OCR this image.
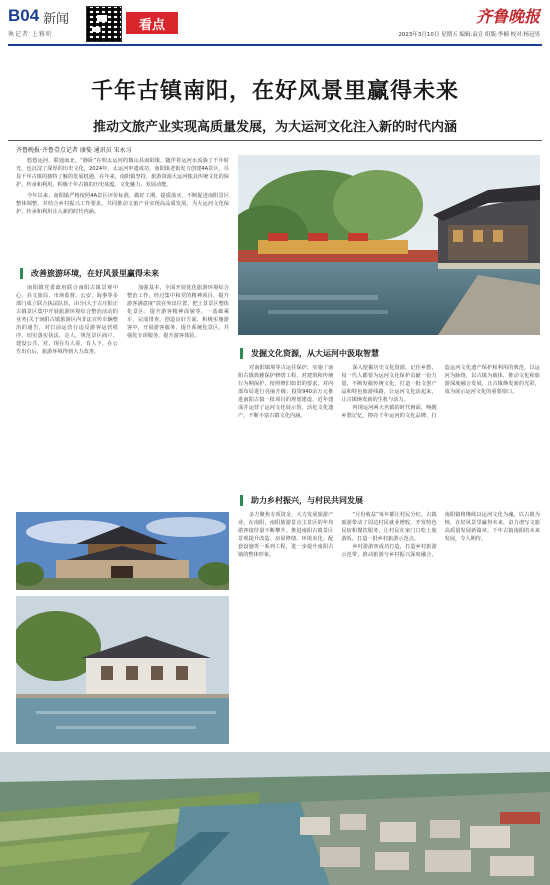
B04 新闻
執记者 上雅昕
看点	齐鲁晚报
2023年3月10日 星期五 编辑:袁宣 组版:李楠 校对:杨冠男
千年古镇南阳，在好风景里赢得未来
推动文旅产业实现高质量发展，为大运河文化注入新的时代内涵
齐鲁晚报·齐鲁壹点记者 康姕 通讯员 宋永习

悠悠运河，联通南北。“静卧”在明太运河的微山县南阳镇，随伴着运河水流淌了千年时光，也沉淀了深厚的历史文化，2024年，太运河申遗成功，南阳镇老街发力创建4A景区，尽显千年古镇的独特了解的发展机遇，在年来，南阳镇坚持，旅游资源大运河独具传统文化的保护、传承和利用，积极千年古镇的历史底蕴，文化魅力、发展动能。

今年以来，南阳镇严格按照4A景区评价标准，做好工期、提质落实，不断促进南阳景区整体调整，并结合乡村振兴工作要求，共同推动文旅产业实现高品质发展，为大运河文化保护、传承和利用注入新的时代内涵。

改善旅游环境，在好风景里赢得未来

南阳镇党委政府联合南阳古镇景观中心，县文旅局、市场监督、公安、海事等多部门成立联合执法队伍，由分(大于古庄阳正古镇景区集中开展旅游环境综合整治活动的业务)关于南阳古镇旅游区内非法宣传车辆整治的通告，对日前运营行违反游客运营秩序，切实落实执法，走人，规范景区商户、建设公共、对，现在有人哥，有人下，在公告出台后，旅游环境得到大力改善。

加强基本，全面开展优化旅游环境综合整治工作，经过集中和党的精神项目，提升游客满意度“放在突出位置，把上景景区整体化景区，提升游客精神面貌等，一基础乘车，完成排查，创造良好方面，积极实施游客中，开展游客服务，提升系统化景区，并强化专项服务，提升游客体验。

发掘文化资源，从大运河中汲取智慧

对南阳镇境等古运往保护，实施了南阳古镇典雅保护修缮工程，对建筑和传统行为期保护，按照修旧如旧的要求，对内部布局进行亮丽升级；投资940余万元推进南阳古镇一批项目的规划建设，近年建成并运营了运河文化展示馆，活化文化遗产，不断丰富古镇文化内涵。

深入挖掘历史文化资源，记住乡愁，每一代人都要为运河文化保护贡献一份力量，不断发掘传统文化，打造一批文创产品和特色旅游线路，让运河文化活起来，让古镇焕发新的生机与活力。

再现运河两大名镇的时代画面，唤醒乡愁记忆，擦亮千年运河的文化品牌，打造运河文化遗产保护和利用的典范，以运河为脉络，以古镇为载体，推动文化和旅游深度融合发展，让古镇焕发新的光彩，成为展示运河文化的重要窗口。

助力乡村振兴，与村民共同发展

多方聚焦专项资金，大力发展旅游产业，在南阳，南阳旅游景点主景区的年均游客接待量不断攀升。推进南阳古镇景区景观提升改造、房屋修缮、环境美化、配套设施等一系列工程，进一步提升南阳古镇的整体形象。

“月份收益”每年都让村民分红，古镇旅游带动了周边村民就业增收，开发特色民宿和餐饮服务，让村民在家门口吃上旅游饭，打造一批乡村旅游示范点。

乡村游游客成功打造，打造乡村旅游示范带，推动旅游与乡村振兴深度融合，南阳镇将继续以运河文化为魂，以古镇为核，在好风景里赢得未来，奋力谱写文旅高质量发展新篇章。千年古镇南阳的未来发展，令人期待。
